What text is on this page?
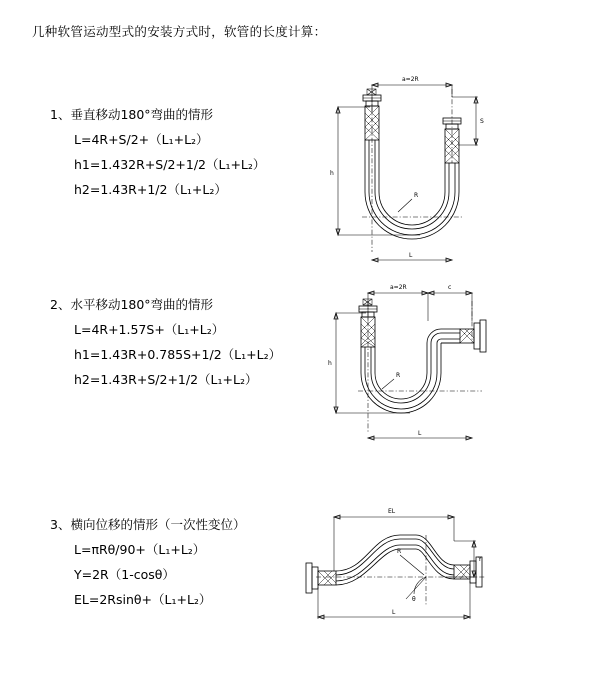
几种软管运动型式的安装方式时，软管的长度计算：
1、垂直移动180°弯曲的情形
L=4R+S/2+（L₁+L₂）
h1=1.432R+S/2+1/2（L₁+L₂）
h2=1.43R+1/2（L₁+L₂）
a=2R
h
S
R
L
2、水平移动180°弯曲的情形
L=4R+1.57S+（L₁+L₂）
h1=1.43R+0.785S+1/2（L₁+L₂）
h2=1.43R+S/2+1/2（L₁+L₂）
a=2R	c
h
R
L
3、横向位移的情形（一次性变位）
L=πRθ/90+（L₁+L₂）
Y=2R（1-cosθ）
EL=2Rsinθ+（L₁+L₂）
EL
Y
θ
R
L
